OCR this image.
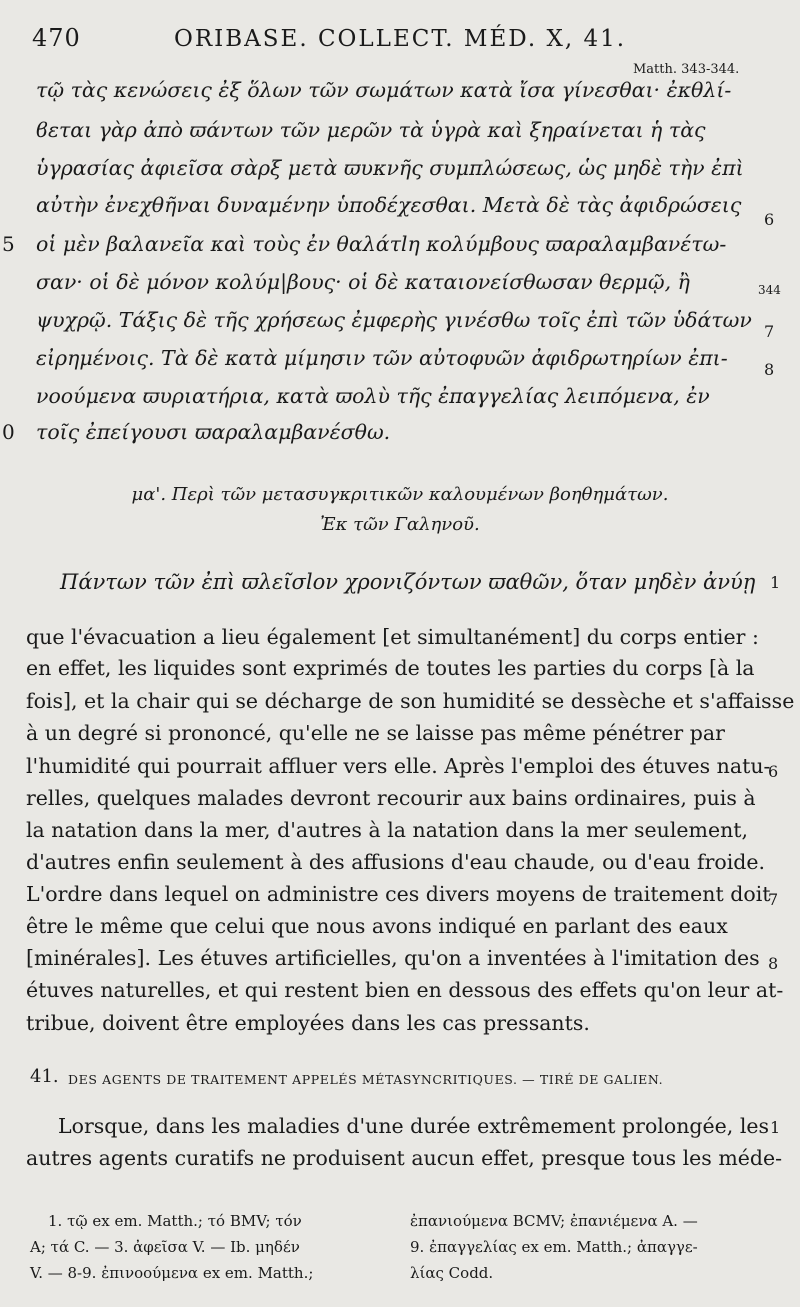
470	ORIBASE. COLLECT. MÉD. X, 41.
Matth. 343-344.
τῷ τὰς κενώσεις ἐξ ὅλων τῶν σωμάτων κατὰ ἴσα γίνεσθαι· ἐκθλί-
ϐεται γὰρ ἀπὸ ϖάντων τῶν μερῶν τὰ ὑγρὰ καὶ ξηραίνεται ἡ τὰς
ὑγρασίας ἀφιεῖσα σὰρξ μετὰ ϖυκνῆς συμπλώσεως, ὡς μηδὲ τὴν ἐπὶ
αὐτὴν ἐνεχθῆναι δυναμένην ὑποδέχεσθαι. Μετὰ δὲ τὰς ἀφιδρώσεις
οἱ μὲν βαλανεῖα καὶ τοὺς ἐν θαλάτlη κολύμβους ϖαραλαμβανέτω-
σαν· οἱ δὲ μόνον κολύμ|βους· οἱ δὲ καταιονείσθωσαν θερμῷ, ἢ
ψυχρῷ. Τάξις δὲ τῆς χρήσεως ἐμφερὴς γινέσθω τοῖς ἐπὶ τῶν ὑδάτων
εἰρημένοις. Τὰ δὲ κατὰ μίμησιν τῶν αὐτοφυῶν ἀφιδρωτηρίων ἐπι-
νοούμενα ϖυριατήρια, κατὰ ϖολὺ τῆς ἐπαγγελίας λειπόμενα, ἐν
τοῖς ἐπείγουσι ϖαραλαμβανέσθω.
5
0
6
344
7
8
μα'. Περὶ τῶν μετασυγκριτικῶν καλουμένων βοηθημάτων.
Ἐκ τῶν Γαληνοῦ.
Πάντων τῶν ἐπὶ ϖλεῖσlον χρονιζόντων ϖαθῶν, ὅταν μηδὲν ἀνύῃ 1
que l'évacuation a lieu également [et simultanément] du corps entier :
en effet, les liquides sont exprimés de toutes les parties du corps [à la
fois], et la chair qui se décharge de son humidité se dessèche et s'affaisse
à un degré si prononcé, qu'elle ne se laisse pas même pénétrer par
l'humidité qui pourrait affluer vers elle. Après l'emploi des étuves natu-
relles, quelques malades devront recourir aux bains ordinaires, puis à
la natation dans la mer, d'autres à la natation dans la mer seulement,
d'autres enfin seulement à des affusions d'eau chaude, ou d'eau froide.
L'ordre dans lequel on administre ces divers moyens de traitement doit
être le même que celui que nous avons indiqué en parlant des eaux
[minérales]. Les étuves artificielles, qu'on a inventées à l'imitation des
étuves naturelles, et qui restent bien en dessous des effets qu'on leur at-
tribue, doivent être employées dans les cas pressants.
6
7
8
41. DES AGENTS DE TRAITEMENT APPELÉS MÉTASYNCRITIQUES. — TIRÉ DE GALIEN.
Lorsque, dans les maladies d'une durée extrêmement prolongée, les
autres agents curatifs ne produisent aucun effet, presque tous les méde-
1
1. τῷ ex em. Matth.; τό BMV; τόν
A; τά C. — 3. ἀφεῖσα V. — Ib. μηδέν
V. — 8-9. ἐπινοούμενα ex em. Matth.;
ἐπανιούμενα BCMV; ἐπανιέμενα A. —
9. ἐπαγγελίας ex em. Matth.; ἀπαγγε-
λίας Codd.
